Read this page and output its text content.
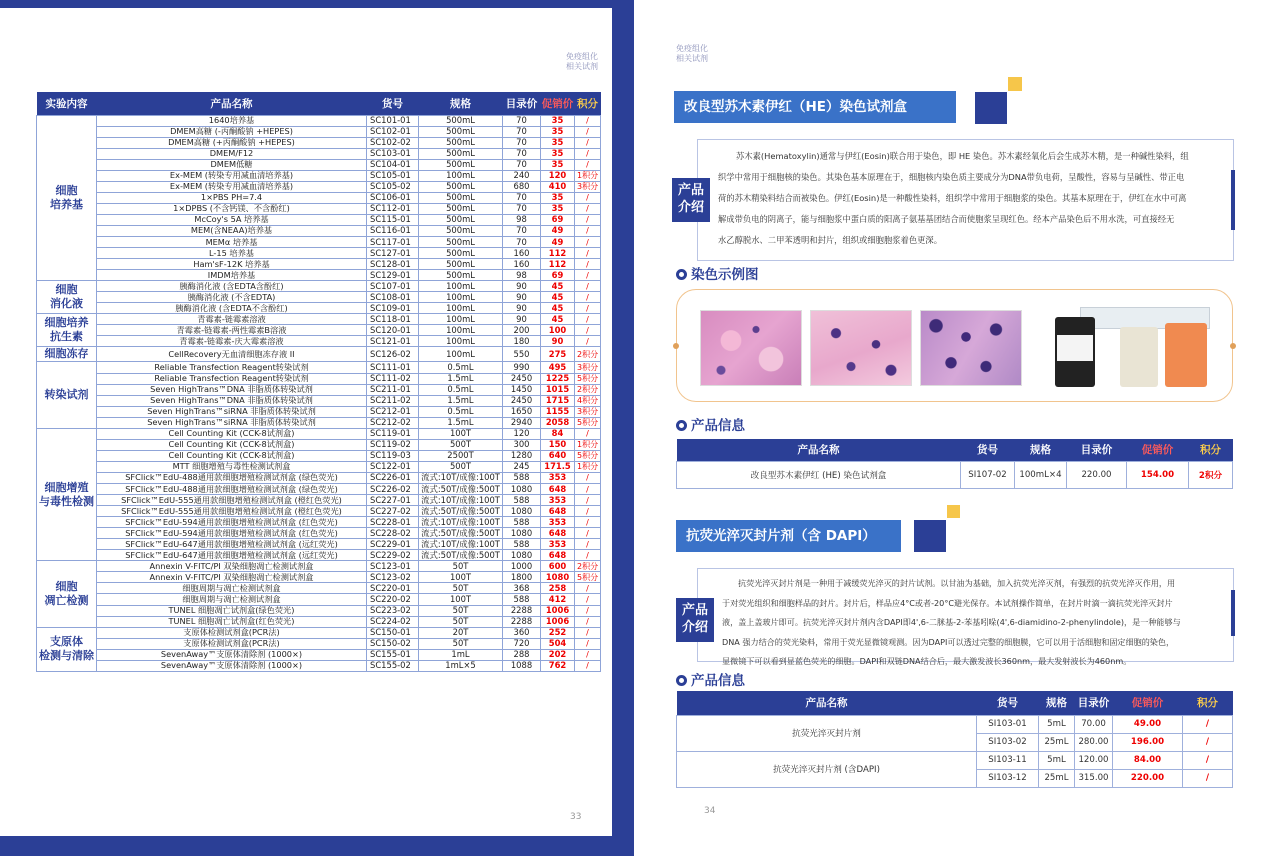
免疫组化
相关试剂
实验内容	产品名称	货号	规格	目录价	促销价	积分
细胞
培养基	1640培养基	SC101-01	500mL	70	35	/
	DMEM高糖 (-丙酮酸钠 +HEPES)	SC102-01	500mL	70	35	/
	DMEM高糖 (+丙酮酸钠 +HEPES)	SC102-02	500mL	70	35	/
	DMEM/F12	SC103-01	500mL	70	35	/
	DMEM低糖	SC104-01	500mL	70	35	/
	Ex-MEM (转染专用减血清培养基)	SC105-01	100mL	240	120	1积分
	Ex-MEM (转染专用减血清培养基)	SC105-02	500mL	680	410	3积分
	1×PBS PH=7.4	SC106-01	500mL	70	35	/
	1×DPBS (不含钙镁、不含酚红)	SC112-01	500mL	70	35	/
	McCoy's 5A 培养基	SC115-01	500mL	98	69	/
	MEM(含NEAA)培养基	SC116-01	500mL	70	49	/
	MEMα 培养基	SC117-01	500mL	70	49	/
	L-15 培养基	SC127-01	500mL	160	112	/
	Ham'sF-12K 培养基	SC128-01	500mL	160	112	/
	IMDM培养基	SC129-01	500mL	98	69	/
细胞
消化液	胰酶消化液 (含EDTA含酚红)	SC107-01	100mL	90	45	/
	胰酶消化液 (不含EDTA)	SC108-01	100mL	90	45	/
	胰酶消化液 (含EDTA不含酚红)	SC109-01	100mL	90	45	/
细胞培养
抗生素	青霉素-链霉素溶液	SC118-01	100mL	90	45	/
	青霉素-链霉素-两性霉素B溶液	SC120-01	100mL	200	100	/
	青霉素-链霉素-庆大霉素溶液	SC121-01	100mL	180	90	/
细胞冻存	CellRecovery无血清细胞冻存液 II	SC126-02	100mL	550	275	2积分
转染试剂	Reliable Transfection Reagent转染试剂	SC111-01	0.5mL	990	495	3积分
	Reliable Transfection Reagent转染试剂	SC111-02	1.5mL	2450	1225	5积分
	Seven HighTrans™DNA 非脂质体转染试剂	SC211-01	0.5mL	1450	1015	2积分
	Seven HighTrans™DNA 非脂质体转染试剂	SC211-02	1.5mL	2450	1715	4积分
	Seven HighTrans™siRNA 非脂质体转染试剂	SC212-01	0.5mL	1650	1155	3积分
	Seven HighTrans™siRNA 非脂质体转染试剂	SC212-02	1.5mL	2940	2058	5积分
细胞增殖
与毒性检测	Cell Counting Kit (CCK-8试剂盒)	SC119-01	100T	120	84	/
	Cell Counting Kit (CCK-8试剂盒)	SC119-02	500T	300	150	1积分
	Cell Counting Kit (CCK-8试剂盒)	SC119-03	2500T	1280	640	5积分
	MTT 细胞增殖与毒性检测试剂盒	SC122-01	500T	245	171.5	1积分
	SFClick™EdU-488通用款细胞增殖检测试剂盒 (绿色荧光)	SC226-01	流式:10T/成像:100T	588	353	/
	SFClick™EdU-488通用款细胞增殖检测试剂盒 (绿色荧光)	SC226-02	流式:50T/成像:500T	1080	648	/
	SFClick™EdU-555通用款细胞增殖检测试剂盒 (橙红色荧光)	SC227-01	流式:10T/成像:100T	588	353	/
	SFClick™EdU-555通用款细胞增殖检测试剂盒 (橙红色荧光)	SC227-02	流式:50T/成像:500T	1080	648	/
	SFClick™EdU-594通用款细胞增殖检测试剂盒 (红色荧光)	SC228-01	流式:10T/成像:100T	588	353	/
	SFClick™EdU-594通用款细胞增殖检测试剂盒 (红色荧光)	SC228-02	流式:50T/成像:500T	1080	648	/
	SFClick™EdU-647通用款细胞增殖检测试剂盒 (远红荧光)	SC229-01	流式:10T/成像:100T	588	353	/
	SFClick™EdU-647通用款细胞增殖检测试剂盒 (远红荧光)	SC229-02	流式:50T/成像:500T	1080	648	/
细胞
凋亡检测	Annexin V-FITC/PI 双染细胞凋亡检测试剂盒	SC123-01	50T	1000	600	2积分
	Annexin V-FITC/PI 双染细胞凋亡检测试剂盒	SC123-02	100T	1800	1080	5积分
	细胞周期与凋亡检测试剂盒	SC220-01	50T	368	258	/
	细胞周期与凋亡检测试剂盒	SC220-02	100T	588	412	/
	TUNEL 细胞凋亡试剂盒(绿色荧光)	SC223-02	50T	2288	1006	/
	TUNEL 细胞凋亡试剂盒(红色荧光)	SC224-02	50T	2288	1006	/
支原体
检测与清除	支原体检测试剂盒(PCR法)	SC150-01	20T	360	252	/
	支原体检测试剂盒(PCR法)	SC150-02	50T	720	504	/
	SevenAway™支原体清除剂 (1000×)	SC155-01	1mL	288	202	/
	SevenAway™支原体清除剂 (1000×)	SC155-02	1mL×5	1088	762	/
33
免疫组化
相关试剂
改良型苏木素伊红（HE）染色试剂盒
产品
介绍
苏木素(Hematoxylin)通常与伊红(Eosin)联合用于染色，即 HE 染色。苏木素经氧化后会生成苏木精，是一种碱性染料，组
织学中常用于细胞核的染色。其染色基本原理在于，细胞核内染色质主要成分为DNA带负电荷，呈酸性，容易与呈碱性、带正电
荷的苏木精染料结合而被染色。伊红(Eosin)是一种酸性染料，组织学中常用于细胞浆的染色。其基本原理在于，伊红在水中可离
解成带负电的阴离子，能与细胞浆中蛋白质的阳离子氨基基团结合而使胞浆呈现红色。经本产品染色后不用水洗，可直接经无
水乙醇脱水、二甲苯透明和封片，组织或细胞胞浆着色更深。
染色示例图
产品信息
产品名称	货号	规格	目录价	促销价	积分
改良型苏木素伊红 (HE) 染色试剂盒	SI107-02	100mL×4	220.00	154.00	2积分
抗荧光淬灭封片剂（含 DAPI）
产品
介绍
抗荧光淬灭封片剂是一种用于减缓荧光淬灭的封片试剂。以甘油为基础，加入抗荧光淬灭剂，有强烈的抗荧光淬灭作用，用
于对荧光组织和细胞样品的封片。封片后，样品应4°C或者-20°C避光保存。本试剂操作简单，在封片时滴一滴抗荧光淬灭封片
液，盖上盖玻片即可。抗荧光淬灭封片剂内含DAPI即4',6-二脒基-2-苯基吲哚(4',6-diamidino-2-phenylindole)，是一种能够与
DNA 强力结合的荧光染料，常用于荧光显微镜观测。因为DAPI可以透过完整的细胞膜，它可以用于活细胞和固定细胞的染色，
显微镜下可以看到显蓝色荧光的细胞。DAPI和双链DNA结合后，最大激发波长360nm，最大发射波长为460nm。
产品信息
产品名称	货号	规格	目录价	促销价	积分
抗荧光淬灭封片剂	SI103-01	5mL	70.00	49.00	/
	SI103-02	25mL	280.00	196.00	/
抗荧光淬灭封片剂 (含DAPI)	SI103-11	5mL	120.00	84.00	/
	SI103-12	25mL	315.00	220.00	/
34
